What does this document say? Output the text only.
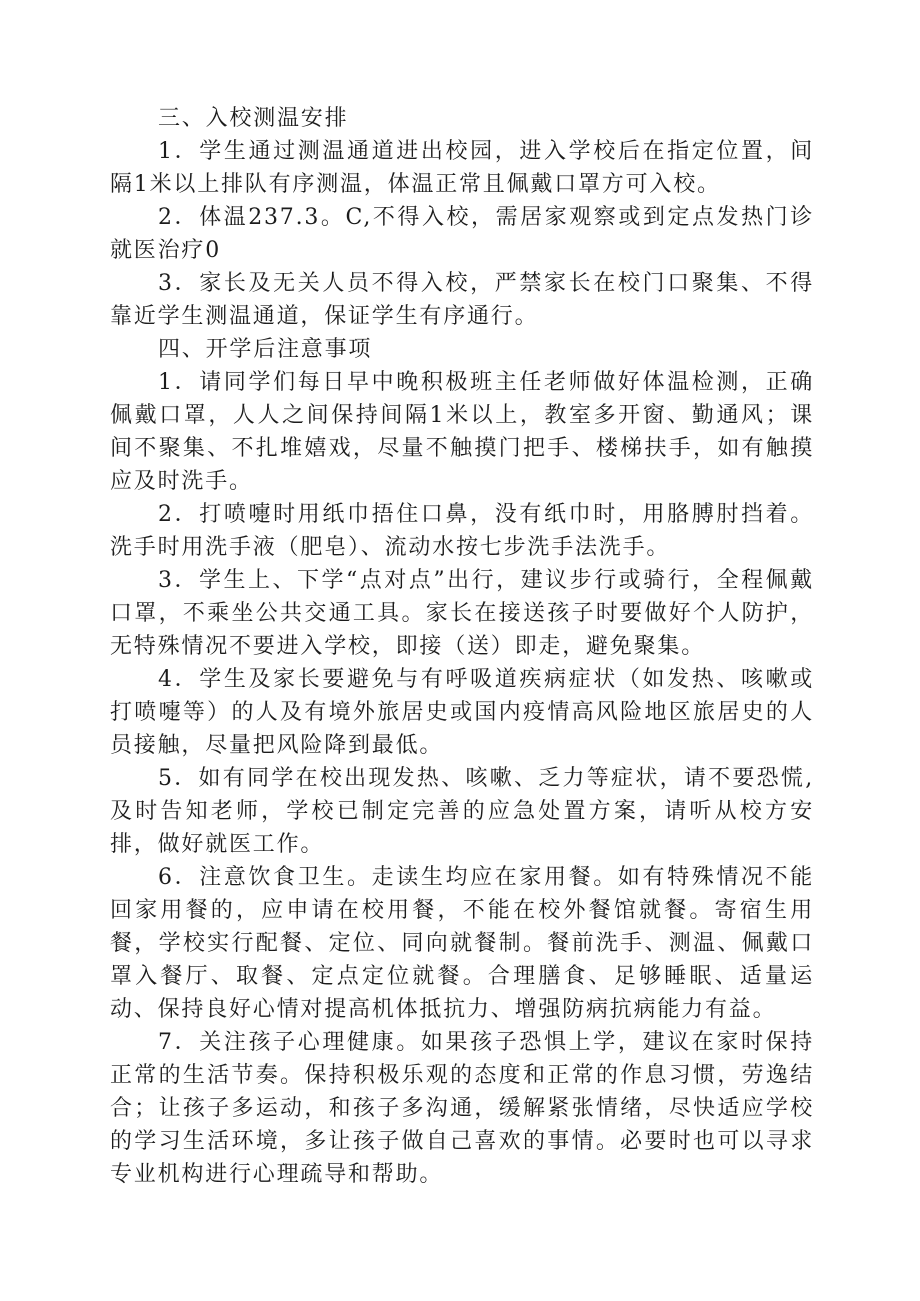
三、入校测温安排

1．学生通过测温通道进出校园，进入学校后在指定位置，间隔1米以上排队有序测温，体温正常且佩戴口罩方可入校。

2．体温237.3。C,不得入校，需居家观察或到定点发热门诊就医治疗0

3．家长及无关人员不得入校，严禁家长在校门口聚集、不得靠近学生测温通道，保证学生有序通行。

四、开学后注意事项

1．请同学们每日早中晚积极班主任老师做好体温检测，正确佩戴口罩，人人之间保持间隔1米以上，教室多开窗、勤通风；课间不聚集、不扎堆嬉戏，尽量不触摸门把手、楼梯扶手，如有触摸应及时洗手。

2．打喷嚏时用纸巾捂住口鼻，没有纸巾时，用胳膊肘挡着。洗手时用洗手液（肥皂）、流动水按七步洗手法洗手。

3．学生上、下学“点对点”出行，建议步行或骑行，全程佩戴口罩，不乘坐公共交通工具。家长在接送孩子时要做好个人防护，无特殊情况不要进入学校，即接（送）即走，避免聚集。

4．学生及家长要避免与有呼吸道疾病症状（如发热、咳嗽或打喷嚏等）的人及有境外旅居史或国内疫情高风险地区旅居史的人员接触，尽量把风险降到最低。

5．如有同学在校出现发热、咳嗽、乏力等症状，请不要恐慌,及时告知老师，学校已制定完善的应急处置方案，请听从校方安排，做好就医工作。

6．注意饮食卫生。走读生均应在家用餐。如有特殊情况不能回家用餐的，应申请在校用餐，不能在校外餐馆就餐。寄宿生用餐，学校实行配餐、定位、同向就餐制。餐前洗手、测温、佩戴口罩入餐厅、取餐、定点定位就餐。合理膳食、足够睡眠、适量运动、保持良好心情对提高机体抵抗力、增强防病抗病能力有益。

7．关注孩子心理健康。如果孩子恐惧上学，建议在家时保持正常的生活节奏。保持积极乐观的态度和正常的作息习惯，劳逸结合；让孩子多运动，和孩子多沟通，缓解紧张情绪，尽快适应学校的学习生活环境，多让孩子做自己喜欢的事情。必要时也可以寻求专业机构进行心理疏导和帮助。
